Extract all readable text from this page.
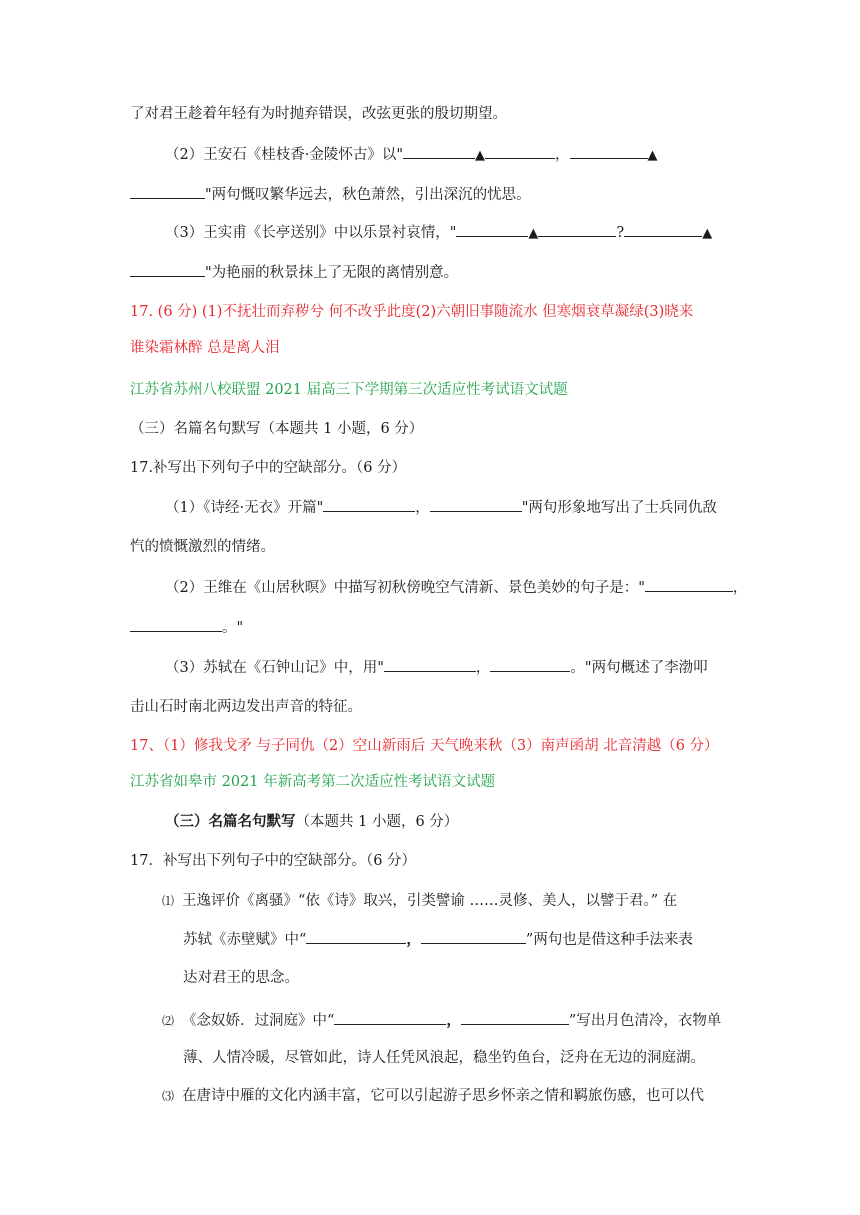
了对君王趁着年轻有为时抛弃错误，改弦更张的殷切期望。
（2）王安石《桂枝香·金陵怀古》以"	▲	，	▲
"两句慨叹繁华远去，秋色萧然，引出深沉的忧思。
（3）王实甫《长亭送别》中以乐景衬哀情，"	▲	?	▲
"为艳丽的秋景抹上了无限的离情别意。
17. (6 分) (1)不抚壮而弃秽兮 何不改乎此度(2)六朝旧事随流水 但寒烟衰草凝绿(3)晓来
谁染霜林醉 总是离人泪
江苏省苏州八校联盟 2021 届高三下学期第三次适应性考试语文试题
（三）名篇名句默写（本题共 1 小题，6 分）
17.补写出下列句子中的空缺部分。（6 分）
（1）《诗经·无衣》开篇"	，	"两句形象地写出了士兵同仇敌
忾的愤慨激烈的情绪。
（2）王维在《山居秋暝》中描写初秋傍晚空气清新、景色美妙的句子是："	，
。"
（3）苏轼在《石钟山记》中，用"	，	。"两句概述了李渤叩
击山石时南北两边发出声音的特征。
17、（1）修我戈矛 与子同仇（2）空山新雨后 天气晚来秋（3）南声函胡 北音清越（6 分）
江苏省如皋市 2021 年新高考第二次适应性考试语文试题
（三）名篇名句默写（本题共 1 小题，6 分）
17．补写出下列句子中的空缺部分。（6 分）
⑴ 王逸评价《离骚》“依《诗》取兴，引类譬谕 ……灵修、美人，以譬于君。” 在
苏轼《赤壁赋》中“	，	”两句也是借这种手法来表
达对君王的思念。
⑵ 《念奴娇．过洞庭》中“	，	”写出月色清冷，衣物单
薄、人情冷暖，尽管如此，诗人任凭风浪起，稳坐钓鱼台，泛舟在无边的洞庭湖。
⑶ 在唐诗中雁的文化内涵丰富，它可以引起游子思乡怀亲之情和羁旅伤感，也可以代
